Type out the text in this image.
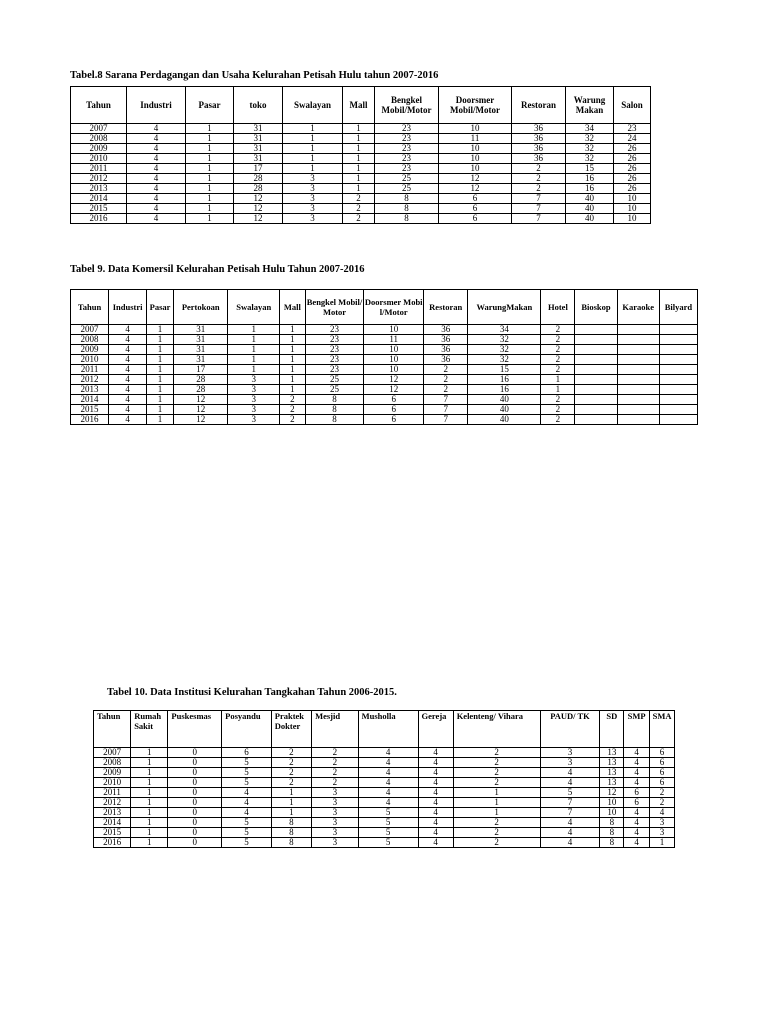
Tabel.8 Sarana Perdagangan dan Usaha Kelurahan Petisah Hulu tahun 2007-2016
Tahun	Industri	Pasar	toko	Swalayan	Mall	Bengkel Mobil/Motor	Doorsmer Mobil/Motor	Restoran	Warung Makan	Salon
2007	4	1	31	1	1	23	10	36	34	23
2008	4	1	31	1	1	23	11	36	32	24
2009	4	1	31	1	1	23	10	36	32	26
2010	4	1	31	1	1	23	10	36	32	26
2011	4	1	17	1	1	23	10	2	15	26
2012	4	1	28	3	1	25	12	2	16	26
2013	4	1	28	3	1	25	12	2	16	26
2014	4	1	12	3	2	8	6	7	40	10
2015	4	1	12	3	2	8	6	7	40	10
2016	4	1	12	3	2	8	6	7	40	10
Tabel 9. Data Komersil Kelurahan Petisah Hulu Tahun 2007-2016
Tahun	Industri	Pasar	Pertokoan	Swalayan	Mall	Bengkel Mobil/Motor	Doorsmer Mobil/Motor	Restoran	WarungMakan	Hotel	Bioskop	Karaoke	Bilyard
2007	4	1	31	1	1	23	10	36	34	2			
2008	4	1	31	1	1	23	11	36	32	2			
2009	4	1	31	1	1	23	10	36	32	2			
2010	4	1	31	1	1	23	10	36	32	2			
2011	4	1	17	1	1	23	10	2	15	2			
2012	4	1	28	3	1	25	12	2	16	1			
2013	4	1	28	3	1	25	12	2	16	1			
2014	4	1	12	3	2	8	6	7	40	2			
2015	4	1	12	3	2	8	6	7	40	2			
2016	4	1	12	3	2	8	6	7	40	2			
Tabel 10. Data Institusi Kelurahan Tangkahan Tahun 2006-2015.
Tahun	Rumah Sakit	Puskesmas	Posyandu	Praktek Dokter	Mesjid	Musholla	Gereja	Kelenteng/ Vihara	PAUD/ TK	SD	SMP	SMA
2007	1	0	6	2	2	4	4	2	3	13	4	6
2008	1	0	5	2	2	4	4	2	3	13	4	6
2009	1	0	5	2	2	4	4	2	4	13	4	6
2010	1	0	5	2	2	4	4	2	4	13	4	6
2011	1	0	4	1	3	4	4	1	5	12	6	2
2012	1	0	4	1	3	4	4	1	7	10	6	2
2013	1	0	4	1	3	5	4	1	7	10	4	4
2014	1	0	5	8	3	5	4	2	4	8	4	3
2015	1	0	5	8	3	5	4	2	4	8	4	3
2016	1	0	5	8	3	5	4	2	4	8	4	1
